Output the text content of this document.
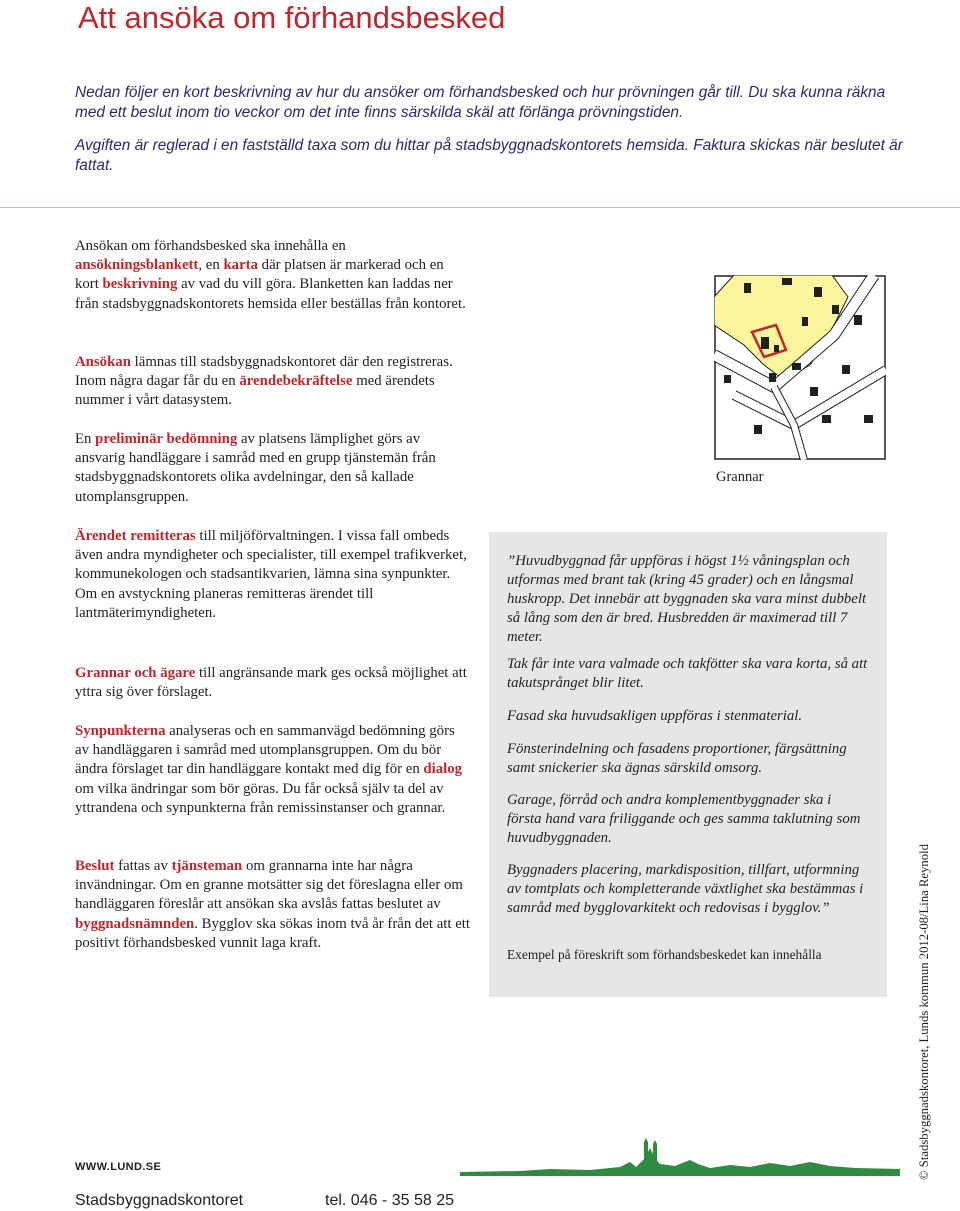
Att ansöka om förhandsbesked

Nedan följer en kort beskrivning av hur du ansöker om förhandsbesked och hur prövningen går till. Du ska kunna räkna med ett beslut inom tio veckor om det inte finns särskilda skäl att förlänga prövningstiden.

Avgiften är reglerad i en fastställd taxa som du hittar på stadsbyggnadskontorets hemsida. Faktura skickas när beslutet är fattat.

Ansökan om förhandsbesked ska innehålla en ansökningsblankett, en karta där platsen är markerad och en kort beskrivning av vad du vill göra. Blanketten kan laddas ner från stadsbyggnadskontorets hemsida eller beställas från kontoret.

Ansökan lämnas till stadsbyggnadskontoret där den registreras. Inom några dagar får du en ärendebekräftelse med ärendets nummer i vårt datasystem.

En preliminär bedömning av platsens lämplighet görs av ansvarig handläggare i samråd med en grupp tjänstemän från stadsbyggnadskontorets olika avdelningar, den så kallade utomplansgruppen.

Ärendet remitteras till miljöförvaltningen. I vissa fall ombeds även andra myndigheter och specialister, till exempel trafikverket, kommunekologen och stadsantikvarien, lämna sina synpunkter. Om en avstyckning planeras remitteras ärendet till lantmäterimyndigheten.

Grannar och ägare till angränsande mark ges också möjlighet att yttra sig över förslaget.

Synpunkterna analyseras och en sammanvägd bedömning görs av handläggaren i samråd med utomplansgruppen. Om du bör ändra förslaget tar din handläggare kontakt med dig för en dialog om vilka ändringar som bör göras. Du får också själv ta del av yttrandena och synpunkterna från remissinstanser och grannar.

Beslut fattas av tjänsteman om grannarna inte har några invändningar. Om en granne motsätter sig det föreslagna eller om handläggaren föreslår att ansökan ska avslås fattas beslutet av byggnadsnämnden. Bygglov ska sökas inom två år från det att ett positivt förhandsbesked vunnit laga kraft.

Grannar

”Huvudbyggnad får uppföras i högst 1½ våningsplan och utformas med brant tak (kring 45 grader) och en långsmal huskropp. Det innebär att byggnaden ska vara minst dubbelt så lång som den är bred. Husbredden är maximerad till 7 meter.

Tak får inte vara valmade och takfötter ska vara korta, så att takutsprånget blir litet.

Fasad ska huvudsakligen uppföras i stenmaterial.

Fönsterindelning och fasadens proportioner, färgsättning samt snickerier ska ägnas särskild omsorg.

Garage, förråd och andra komplementbyggnader ska i första hand vara friliggande och ges samma taklutning som huvudbyggnaden.

Byggnaders placering, markdisposition, tillfart, utformning av tomtplats och kompletterande växtlighet ska bestämmas i samråd med bygglovarkitekt och redovisas i bygglov.”

Exempel på föreskrift som förhandsbeskedet kan innehålla	© Stadsbyggnadskontoret, Lunds kommun 2012-08/Lina Reynold
WWW.LUND.SE
Stadsbyggnadskontoret	tel. 046 - 35 58 25
